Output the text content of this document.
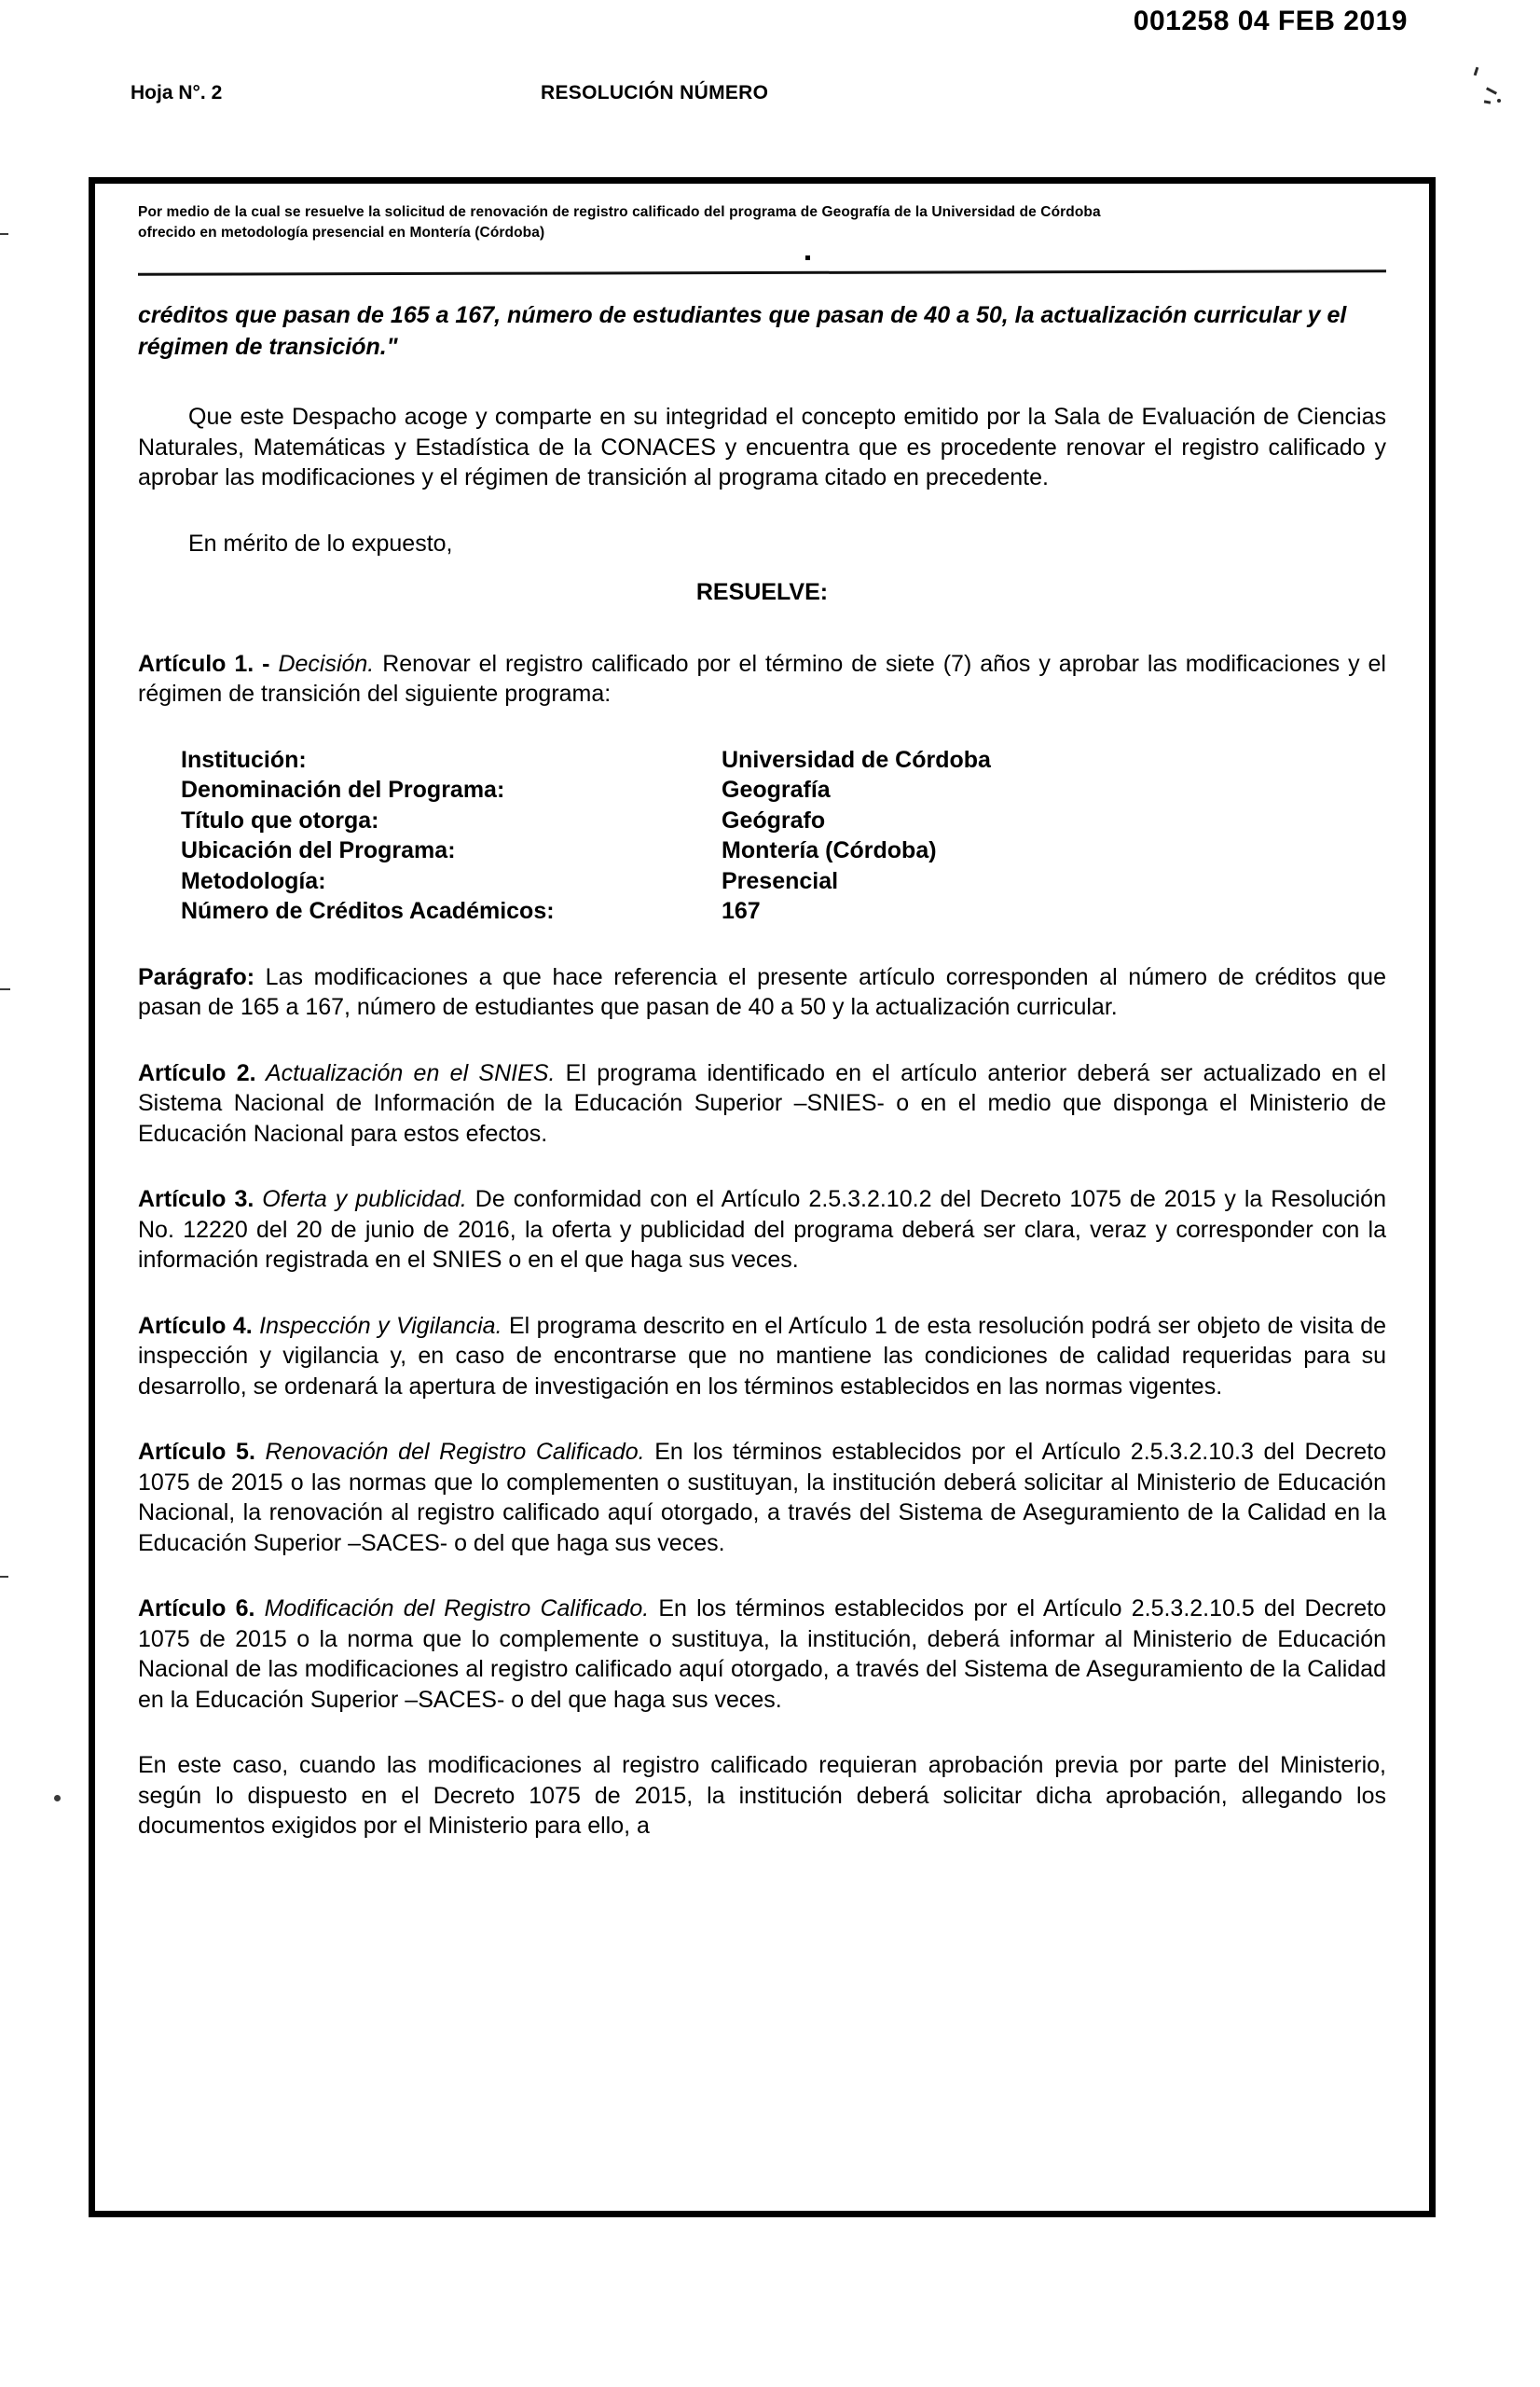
001258 04 FEB 2019
Hoja N°. 2	RESOLUCIÓN NÚMERO

Por medio de la cual se resuelve la solicitud de renovación de registro calificado del programa de Geografía de la Universidad de Córdoba

ofrecido en metodología presencial en Montería (Córdoba)

créditos que pasan de 165 a 167, número de estudiantes que pasan de 40 a 50, la actualización curricular y el régimen de transición."

Que este Despacho acoge y comparte en su integridad el concepto emitido por la Sala de Evaluación de Ciencias Naturales, Matemáticas y Estadística de la CONACES y encuentra que es procedente renovar el registro calificado y aprobar las modificaciones y el régimen de transición al programa citado en precedente.

En mérito de lo expuesto,

RESUELVE:

Artículo 1. - Decisión. Renovar el registro calificado por el término de siete (7) años y aprobar las modificaciones y el régimen de transición del siguiente programa:

Institución:	Universidad de Córdoba
Denominación del Programa:	Geografía
Título que otorga:	Geógrafo
Ubicación del Programa:	Montería (Córdoba)
Metodología:	Presencial
Número de Créditos Académicos:	167

Parágrafo: Las modificaciones a que hace referencia el presente artículo corresponden al número de créditos que pasan de 165 a 167, número de estudiantes que pasan de 40 a 50 y la actualización curricular.

Artículo 2. Actualización en el SNIES. El programa identificado en el artículo anterior deberá ser actualizado en el Sistema Nacional de Información de la Educación Superior –SNIES- o en el medio que disponga el Ministerio de Educación Nacional para estos efectos.

Artículo 3. Oferta y publicidad. De conformidad con el Artículo 2.5.3.2.10.2 del Decreto 1075 de 2015 y la Resolución No. 12220 del 20 de junio de 2016, la oferta y publicidad del programa deberá ser clara, veraz y corresponder con la información registrada en el SNIES o en el que haga sus veces.

Artículo 4. Inspección y Vigilancia. El programa descrito en el Artículo 1 de esta resolución podrá ser objeto de visita de inspección y vigilancia y, en caso de encontrarse que no mantiene las condiciones de calidad requeridas para su desarrollo, se ordenará la apertura de investigación en los términos establecidos en las normas vigentes.

Artículo 5. Renovación del Registro Calificado. En los términos establecidos por el Artículo 2.5.3.2.10.3 del Decreto 1075 de 2015 o las normas que lo complementen o sustituyan, la institución deberá solicitar al Ministerio de Educación Nacional, la renovación al registro calificado aquí otorgado, a través del Sistema de Aseguramiento de la Calidad en la Educación Superior –SACES- o del que haga sus veces.

Artículo 6. Modificación del Registro Calificado. En los términos establecidos por el Artículo 2.5.3.2.10.5 del Decreto 1075 de 2015 o la norma que lo complemente o sustituya, la institución, deberá informar al Ministerio de Educación Nacional de las modificaciones al registro calificado aquí otorgado, a través del Sistema de Aseguramiento de la Calidad en la Educación Superior –SACES- o del que haga sus veces.

En este caso, cuando las modificaciones al registro calificado requieran aprobación previa por parte del Ministerio, según lo dispuesto en el Decreto 1075 de 2015, la institución deberá solicitar dicha aprobación, allegando los documentos exigidos por el Ministerio para ello, a
